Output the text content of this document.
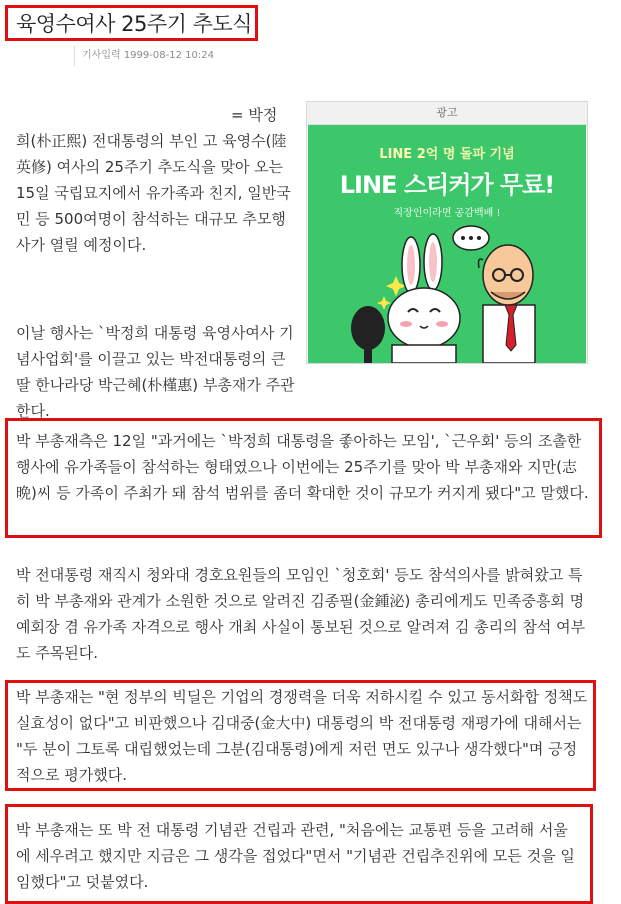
육영수여사 25주기 추도식
기사입력 1999-08-12 10:24
광고
LINE 2억 명 돌파 기념
LINE 스티커가 무료!
직장인이라면 공감백배 !

= 박정희(朴正熙) 전대통령의 부인 고 육영수(陸英修) 여사의 25주기 추도식을 맞아 오는 15일 국립묘지에서 유가족과 친지, 일반국민 등 500여명이 참석하는 대규모 추모행사가 열릴 예정이다.

이날 행사는 `박정희 대통령 육영사여사 기념사업회'를 이끌고 있는 박전대통령의 큰딸 한나라당 박근혜(朴槿惠) 부총재가 주관한다.

박 부총재측은 12일 "과거에는 `박정희 대통령을 좋아하는 모임', `근우회' 등의 조촐한 행사에 유가족들이 참석하는 형태였으나 이번에는 25주기를 맞아 박 부총재와 지만(志晩)씨 등 가족이 주최가 돼 참석 범위를 좀더 확대한 것이 규모가 커지게 됐다"고 말했다.

박 전대통령 재직시 청와대 경호요원들의 모임인 `청호회' 등도 참석의사를 밝혀왔고 특히 박 부총재와 관계가 소원한 것으로 알려진 김종필(金鍾泌) 총리에게도 민족중흥회 명예회장 겸 유가족 자격으로 행사 개최 사실이 통보된 것으로 알려져 김 총리의 참석 여부도 주목된다.

박 부총재는 "현 정부의 빅딜은 기업의 경쟁력을 더욱 저하시킬 수 있고 동서화합 정책도 실효성이 없다"고 비판했으나 김대중(金大中) 대통령의 박 전대통령 재평가에 대해서는 "두 분이 그토록 대립했었는데 그분(김대통령)에게 저런 면도 있구나 생각했다"며 긍정적으로 평가했다.

박 부총재는 또 박 전 대통령 기념관 건립과 관련, "처음에는 교통편 등을 고려해 서울에 세우려고 했지만 지금은 그 생각을 접었다"면서 "기념관 건립추진위에 모든 것을 일임했다"고 덧붙였다.
